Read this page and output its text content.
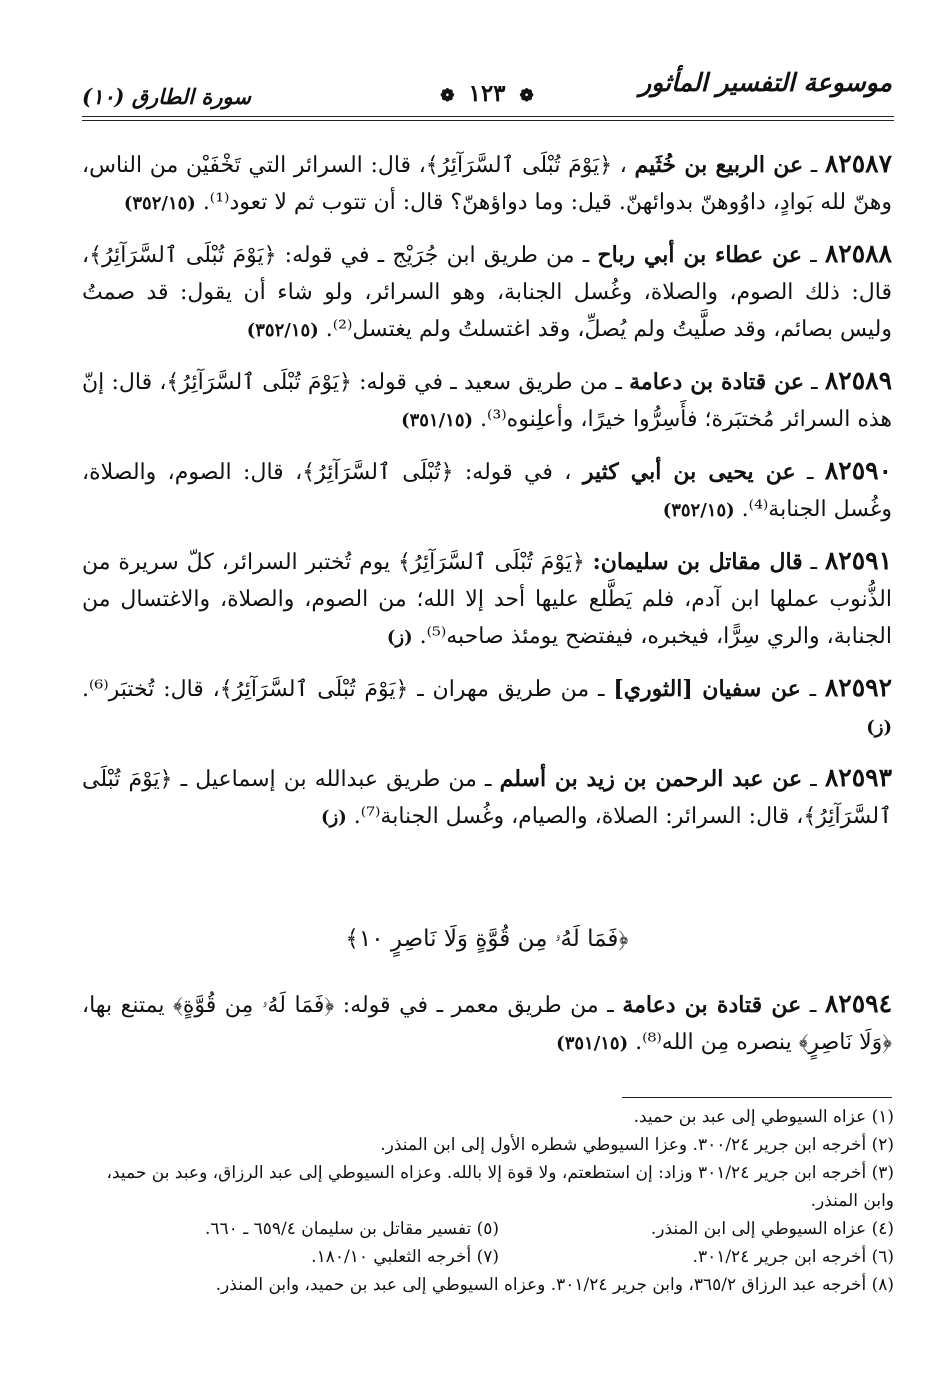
موسوعة التفسير المأثور
❁ ١٢٣ ❁
سورة الطارق (١٠)

٨٢٥٨٧ ـ عن الربيع بن خُثَيم ، ﴿يَوْمَ تُبْلَى ٱلسَّرَآئِرُ﴾، قال: السرائر التي تَخْفَيْن من الناس، وهنّ لله بَوادٍ، داوُوهنّ بدوائهنّ. قيل: وما دواؤهنّ؟ قال: أن تتوب ثم لا تعود⁽¹⁾. (٣٥٢/١٥)

٨٢٥٨٨ ـ عن عطاء بن أبي رباح ـ من طريق ابن جُرَيْج ـ في قوله: ﴿يَوْمَ تُبْلَى ٱلسَّرَآئِرُ﴾، قال: ذلك الصوم، والصلاة، وغُسل الجنابة، وهو السرائر، ولو شاء أن يقول: قد صمتُ وليس بصائم، وقد صلَّيتُ ولم يُصلِّ، وقد اغتسلتُ ولم يغتسل⁽²⁾. (٣٥٢/١٥)

٨٢٥٨٩ ـ عن قتادة بن دعامة ـ من طريق سعيد ـ في قوله: ﴿يَوْمَ تُبْلَى ٱلسَّرَآئِرُ﴾، قال: إنّ هذه السرائر مُختبَرة؛ فأَسِرُّوا خيرًا، وأعلِنوه⁽³⁾. (٣٥١/١٥)

٨٢٥٩٠ ـ عن يحيى بن أبي كثير ، في قوله: ﴿تُبْلَى ٱلسَّرَآئِرُ﴾، قال: الصوم، والصلاة، وغُسل الجنابة⁽⁴⁾. (٣٥٢/١٥)

٨٢٥٩١ ـ قال مقاتل بن سليمان: ﴿يَوْمَ تُبْلَى ٱلسَّرَآئِرُ﴾ يوم تُختبر السرائر، كلّ سريرة من الذُّنوب عملها ابن آدم، فلم يَطَّلع عليها أحد إلا الله؛ من الصوم، والصلاة، والاغتسال من الجنابة، والري سِرًّا، فيخبره، فيفتضح يومئذ صاحبه⁽⁵⁾. (ز)

٨٢٥٩٢ ـ عن سفيان [الثوري] ـ من طريق مهران ـ ﴿يَوْمَ تُبْلَى ٱلسَّرَآئِرُ﴾، قال: تُختبَر⁽⁶⁾. (ز)

٨٢٥٩٣ ـ عن عبد الرحمن بن زيد بن أسلم ـ من طريق عبدالله بن إسماعيل ـ ﴿يَوْمَ تُبْلَى ٱلسَّرَآئِرُ﴾، قال: السرائر: الصلاة، والصيام، وغُسل الجنابة⁽⁷⁾. (ز)

﴿فَمَا لَهُۥ مِن قُوَّةٍ وَلَا نَاصِرٍ ١٠﴾

٨٢٥٩٤ ـ عن قتادة بن دعامة ـ من طريق معمر ـ في قوله: ﴿فَمَا لَهُۥ مِن قُوَّةٍ﴾ يمتنع بها، ﴿وَلَا نَاصِرٍ﴾ ينصره مِن الله⁽⁸⁾. (٣٥١/١٥)

(١) عزاه السيوطي إلى عبد بن حميد.

(٢) أخرجه ابن جرير ٣٠٠/٢٤. وعزا السيوطي شطره الأول إلى ابن المنذر.

(٣) أخرجه ابن جرير ٣٠١/٢٤ وزاد: إن استطعتم، ولا قوة إلا بالله. وعزاه السيوطي إلى عبد الرزاق، وعبد بن حميد، وابن المنذر.

(٤) عزاه السيوطي إلى ابن المنذر.

(٥) تفسير مقاتل بن سليمان ٦٥٩/٤ ـ ٦٦٠.

(٦) أخرجه ابن جرير ٣٠١/٢٤.

(٧) أخرجه الثعلبي ١٨٠/١٠.

(٨) أخرجه عبد الرزاق ٣٦٥/٢، وابن جرير ٣٠١/٢٤. وعزاه السيوطي إلى عبد بن حميد، وابن المنذر.
